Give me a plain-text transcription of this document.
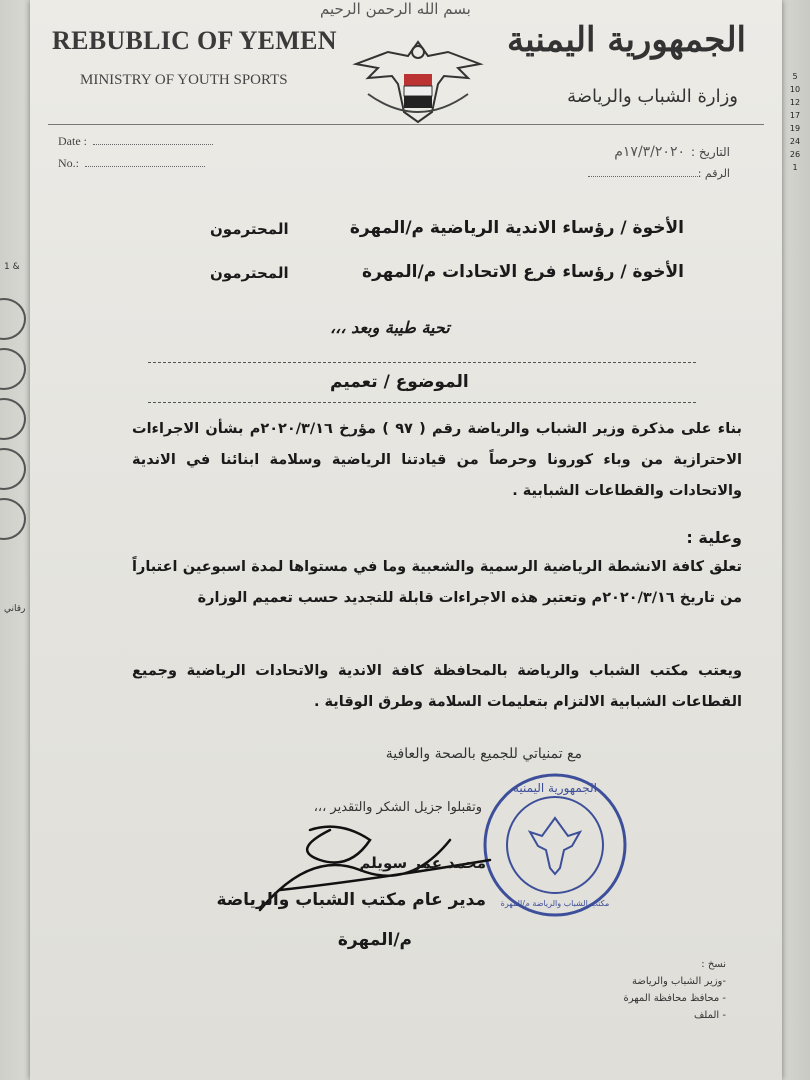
1 &
رقاني
5
10
12
17
19
24
26
1
بسم الله الرحمن الرحيم
REBUBLIC OF YEMEN
MINISTRY OF YOUTH SPORTS
الجمهورية اليمنية
وزارة الشباب والرياضة
Date :
No.:
التاريخ :١٧/٣/٢٠٢٠م
الرقم :
الأخوة / رؤساء الاندية الرياضية م/المهرة
المحترمون
الأخوة / رؤساء فرع الاتحادات م/المهرة
المحترمون
تحية طيبة وبعد ،،،
الموضوع / تعميم
بناء على مذكرة وزير الشباب والرياضة رقم ( ٩٧ ) مؤرخ ٢٠٢٠/٣/١٦م بشأن الاجراءات الاحترازية من وباء كورونا وحرصاً من قيادتنا الرياضية وسلامة ابنائنا في الاندية والاتحادات والقطاعات الشبابية .
وعلية :
تعلق كافة الانشطة الرياضية الرسمية والشعبية وما في مستواها لمدة اسبوعين اعتباراً من تاريخ ٢٠٢٠/٣/١٦م وتعتبر هذه الاجراءات قابلة للتجديد حسب تعميم الوزارة
ويعتب مكتب الشباب والرياضة بالمحافظة كافة الاندية والاتحادات الرياضية وجميع القطاعات الشبابية الالتزام بتعليمات السلامة وطرق الوقاية .
مع تمنياتي للجميع بالصحة والعافية
وتقبلوا جزيل الشكر والتقدير ،،،
الجمهورية اليمنية
مكتب الشباب والرياضة م/المهرة
محمد عمر سويلم
مدير عام مكتب الشباب والرياضة
م/المهرة
نسخ :
-وزير الشباب والرياضة
- محافظ محافظة المهرة
- الملف
